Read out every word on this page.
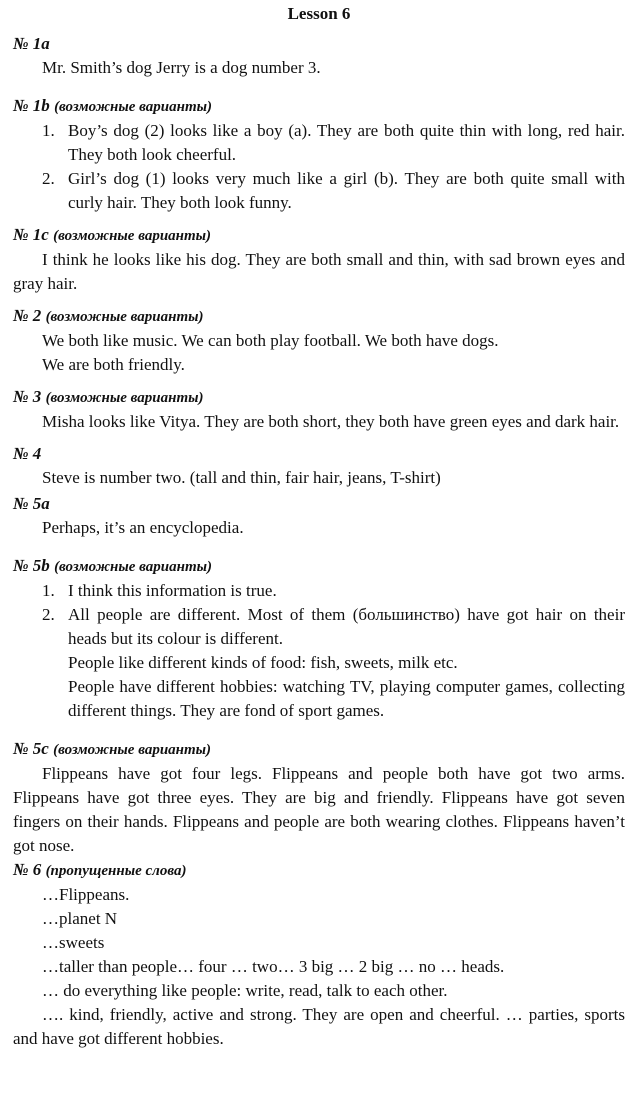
Lesson 6

№ 1a

Mr. Smith’s dog Jerry is a dog number 3.

№ 1b (возможные варианты)

1. Boy’s dog (2) looks like a boy (a). They are both quite thin with long, red hair. They both look cheerful.
2. Girl’s dog (1) looks very much like a girl (b). They are both quite small with curly hair. They both look funny.

№ 1c (возможные варианты)

I think he looks like his dog. They are both small and thin, with sad brown eyes and gray hair.

№ 2 (возможные варианты)

We both like music. We can both play football. We both have dogs.

We are both friendly.

№ 3 (возможные варианты)

Misha looks like Vitya. They are both short, they both have green eyes and dark hair.

№ 4

Steve is number two. (tall and thin, fair hair, jeans, T-shirt)

№ 5a

Perhaps, it’s an encyclopedia.

№ 5b (возможные варианты)

1. I think this information is true.
2. All people are different. Most of them (большинство) have got hair on their heads but its colour is different.

People like different kinds of food: fish, sweets, milk etc.

People have different hobbies: watching TV, playing computer games, collecting different things. They are fond of sport games.

№ 5c (возможные варианты)

Flippeans have got four legs. Flippeans and people both have got two arms. Flippeans have got three eyes. They are big and friendly. Flippeans have got seven fingers on their hands. Flippeans and people are both wearing clothes. Flippeans haven’t got nose.

№ 6 (пропущенные слова)

…Flippeans.

…planet N

…sweets

…taller than people… four … two… 3 big … 2 big … no … heads.

… do everything like people: write, read, talk to each other.

…. kind, friendly, active and strong. They are open and cheerful. … parties, sports and have got different hobbies.
